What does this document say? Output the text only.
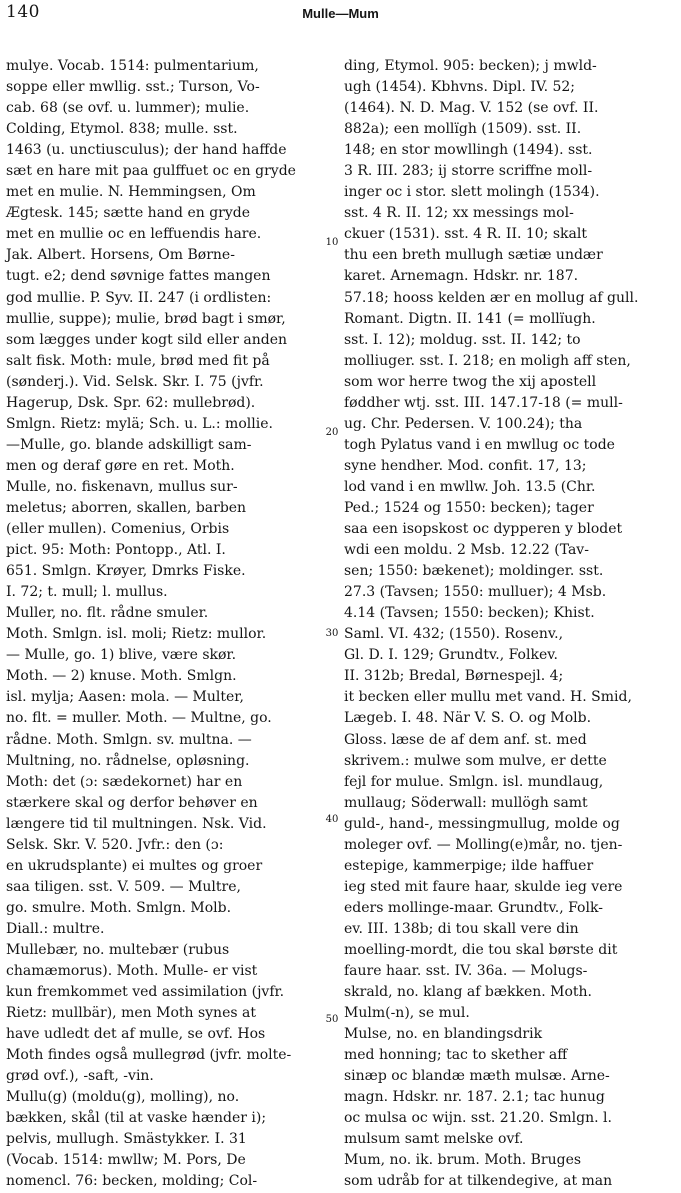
140	Mulle—Mum
mulye. Vocab. 1514: pulmentarium,
soppe eller mwllig. sst.; Turson, Vo-
cab. 68 (se ovf. u. lummer); mulie.
Colding, Etymol. 838; mulle. sst.
1463 (u. unctiusculus); der hand haffde
sæt en hare mit paa gulffuet oc en gryde
met en mulie. N. Hemmingsen, Om
Ægtesk. 145; sætte hand en gryde
met en mullie oc en leffuendis hare.
Jak. Albert. Horsens, Om Børne-
tugt. e2; dend søvnige fattes mangen
god mullie. P. Syv. II. 247 (i ordlisten:
mullie, suppe); mulie, brød bagt i smør,
som lægges under kogt sild eller anden
salt fisk. Moth: mule, brød med fit på
(sønderj.). Vid. Selsk. Skr. I. 75 (jvfr.
Hagerup, Dsk. Spr. 62: mullebrød).
Smlgn. Rietz: mylä; Sch. u. L.: mollie.
—Mulle, go. blande adskilligt sam-
men og deraf gøre en ret. Moth.
Mulle, no. fiskenavn, mullus sur-
meletus; aborren, skallen, barben
(eller mullen). Comenius, Orbis
pict. 95: Moth: Pontopp., Atl. I.
651. Smlgn. Krøyer, Dmrks Fiske.
I. 72; t. mull; l. mullus.
Muller, no. flt. rådne smuler.
Moth. Smlgn. isl. moli; Rietz: mullor.
— Mulle, go. 1) blive, være skør.
Moth. — 2) knuse. Moth. Smlgn.
isl. mylja; Aasen: mola. — Multer,
no. flt. = muller. Moth. — Multne, go.
rådne. Moth. Smlgn. sv. multna. —
Multning, no. rådnelse, opløsning.
Moth: det (ɔ: sædekornet) har en
stærkere skal og derfor behøver en
længere tid til multningen. Nsk. Vid.
Selsk. Skr. V. 520. Jvfr.: den (ɔ:
en ukrudsplante) ei multes og groer
saa tiligen. sst. V. 509. — Multre,
go. smulre. Moth. Smlgn. Molb.
Diall.: multre.
Mullebær, no. multebær (rubus
chamæmorus). Moth. Mulle- er vist
kun fremkommet ved assimilation (jvfr.
Rietz: mullbär), men Moth synes at
have udledt det af mulle, se ovf. Hos
Moth findes også mullegrød (jvfr. molte-
grød ovf.), -saft, -vin.
Mullu(g) (moldu(g), molling), no.
bækken, skål (til at vaske hænder i);
pelvis, mullugh. Smästykker. I. 31
(Vocab. 1514: mwllw; M. Pors, De
nomencl. 76: becken, molding; Col-
10
20
30
40
50
ding, Etymol. 905: becken); j mwld-
ugh (1454). Kbhvns. Dipl. IV. 52;
(1464). N. D. Mag. V. 152 (se ovf. II.
882a); een mollïgh (1509). sst. II.
148; en stor mowllingh (1494). sst.
3 R. III. 283; ij storre scriffne moll-
inger oc i stor. slett molingh (1534).
sst. 4 R. II. 12; xx messings mol-
ckuer (1531). sst. 4 R. II. 10; skalt
thu een breth mullugh sætiæ undær
karet. Arnemagn. Hdskr. nr. 187.
57.18; hooss kelden ær en mollug af gull.
Romant. Digtn. II. 141 (= mollïugh.
sst. I. 12); moldug. sst. II. 142; to
molliuger. sst. I. 218; en moligh aff sten,
som wor herre twog the xij apostell
føddher wtj. sst. III. 147.17-18 (= mull-
ug. Chr. Pedersen. V. 100.24); tha
togh Pylatus vand i en mwllug oc tode
syne hendher. Mod. confit. 17, 13;
lod vand i en mwllw. Joh. 13.5 (Chr.
Ped.; 1524 og 1550: becken); tager
saa een isopskost oc dypperen y blodet
wdi een moldu. 2 Msb. 12.22 (Tav-
sen; 1550: bækenet); moldinger. sst.
27.3 (Tavsen; 1550: mulluer); 4 Msb.
4.14 (Tavsen; 1550: becken); Khist.
Saml. VI. 432; (1550). Rosenv.,
Gl. D. I. 129; Grundtv., Folkev.
II. 312b; Bredal, Børnespejl. 4;
it becken eller mullu met vand. H. Smid,
Lægeb. I. 48. När V. S. O. og Molb.
Gloss. læse de af dem anf. st. med
skrivem.: mulwe som mulve, er dette
fejl for mulue. Smlgn. isl. mundlaug,
mullaug; Söderwall: mullögh samt
guld-, hand-, messingmullug, molde og
moleger ovf. — Molling(e)mår, no. tjen-
estepige, kammerpige; ilde haffuer
ieg sted mit faure haar, skulde ieg vere
eders mollinge-maar. Grundtv., Folk-
ev. III. 138b; di tou skall vere din
moelling-mordt, die tou skal børste dit
faure haar. sst. IV. 36a. — Molugs-
skrald, no. klang af bækken. Moth.
Mulm(-n), se mul.
Mulse, no. en blandingsdrik
med honning; tac to skether aff
sinæp oc blandæ mæth mulsæ. Arne-
magn. Hdskr. nr. 187. 2.1; tac hunug
oc mulsa oc wijn. sst. 21.20. Smlgn. l.
mulsum samt melske ovf.
Mum, no. ik. brum. Moth. Bruges
som udråb for at tilkendegive, at man
